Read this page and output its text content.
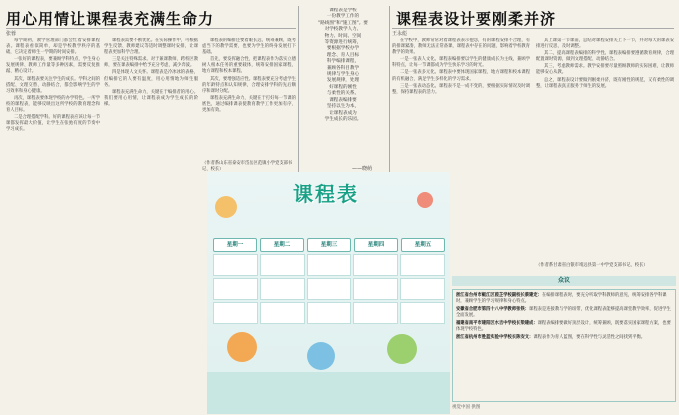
用心用情让课程表充满生命力
张蓉

每学期初，教学管理部门都会忙着安排课程表。课程表看似简单，却是学校教学秩序的基础，它决定着师生一学期的时间安排。

一张好的课程表，要兼顾学科特点、学生身心发展规律、教师工作量等多种因素，需要反复推敲、精心设计。

其次，课程表要关注学生的成长。学科之间的搭配、文理交替、动静结合，都会影响学生的学习效率和身心健康。

再次，课程表要体现学校的办学特色。一所学校的课程表，能够反映出这所学校的教育理念和育人目标。

二是合理搭配学科。好的课程表应该让每一节课都发挥最大价值，让学生在张弛有度的节奏中学习成长。

课程表需要不断优化。在实际操作中，可根据学生反馈、教师建议等适时调整课时安排，让课程表更加科学合理。

三是关注特殊需求。对于兼课教师、跨校区教师，要在课表编排中给予充分考虑，减少奔波。

四是体现人文关怀。课程表是冷冰冰的表格，但编排它的人要有温度，用心用情地为师生服务。

课程表充满生命力，关键在于编排者的用心。我们要用心用情，让课程表成为学生成长的阶梯。

课程表的编排还要着眼长远，统筹兼顾，既考虑当下的教学需要，也要为学生的终身发展打下基础。

首先，要发挥融合性，把课程表作为落实立德树人根本任务的重要载体，统筹安排国家课程、地方课程和校本课程。

其次，要增强适应性。课程表要充分考虑学生的年龄特点和认知规律，合理安排学科的先后顺序和课时分配。

课程表充满生命力，关键在于打好每一节课的底色，通过编排课表使教育教学工作更加有序、更加有效。

（作者系山东省泰安市岱岳区范镇小学党支部书记、校长）
课程表是学校
一份教学工作的
"路线图"和"施工图"。要
对学校教学人力、
物力、时间、空间
等资源进行统筹，
要根据学校办学
理念、育人目标
科学编排课程，
兼顾各科目教学
规律与学生身心
发展规律，处理
好课程的刚性
与柔性的关系。
课程表编排要
坚持以生为本，
让课程表成为
学生成长的乐园。
——晓萌
课程表设计要刚柔并济
王永彪

在学校中，教师常常对着课程表表示抱怨，有的课程安排不合理，有的排课紧凑，教师无法正常备课，课程表中存在的问题，影响着学校教育教学的效果。

一是一张表人文化。课程表编排要以学生的健康成长为主线，兼顾学科特点，让每一节课都成为学生快乐学习的时光。

二是一张表多元化。课程表中要体现国家课程、地方课程和校本课程的有机融合，满足学生多样化的学习需求。

三是一张表动态化。课程表不是一成不变的，要根据实际情况及时调整，保持课程表的活力。

其上课第一节课前，总结对课程安排关上下一节，并对每天的课表安排进行反思，及时调整。

其二，提高课程表编排的科学性。课程表编排要遵循教育规律，合理配置课时资源，做到文理搭配、动静结合。

其三，考虑教师需求。教学安排要尽量照顾教师的实际困难，让教师能够安心从教。

总之，课程表设计要做到刚柔并济，既有刚性的规范，又有柔性的调整，让课程表真正服务于师生的发展。

（作者系甘肃省白银市靖远县第一中学党支部书记、校长）
课程表
星期一	星期二	星期三	星期四	星期五
视觉中国 供图
众议

浙江省台州市椒江区葭芷学校副校长蔡建定：在编排课程表时，要充分听取学科教师的意见，统筹安排各学科课时，兼顾学生的学习规律和身心特点。

安徽省合肥市第四十八中学教师张铁：课程表是连接教与学的纽带，优化课程表能够提高课堂教学效率，促进学生全面发展。

福建省南平市建阳区水吉中学校长梁建成：课程表编排要做好顶层设计，统筹兼顾，既要落实国家课程方案，也要体现学校特色。

浙江省杭州市胜蓝实验中学校长陈安文：课程表作为育人蓝图，要在科学性与灵活性之间找到平衡。
